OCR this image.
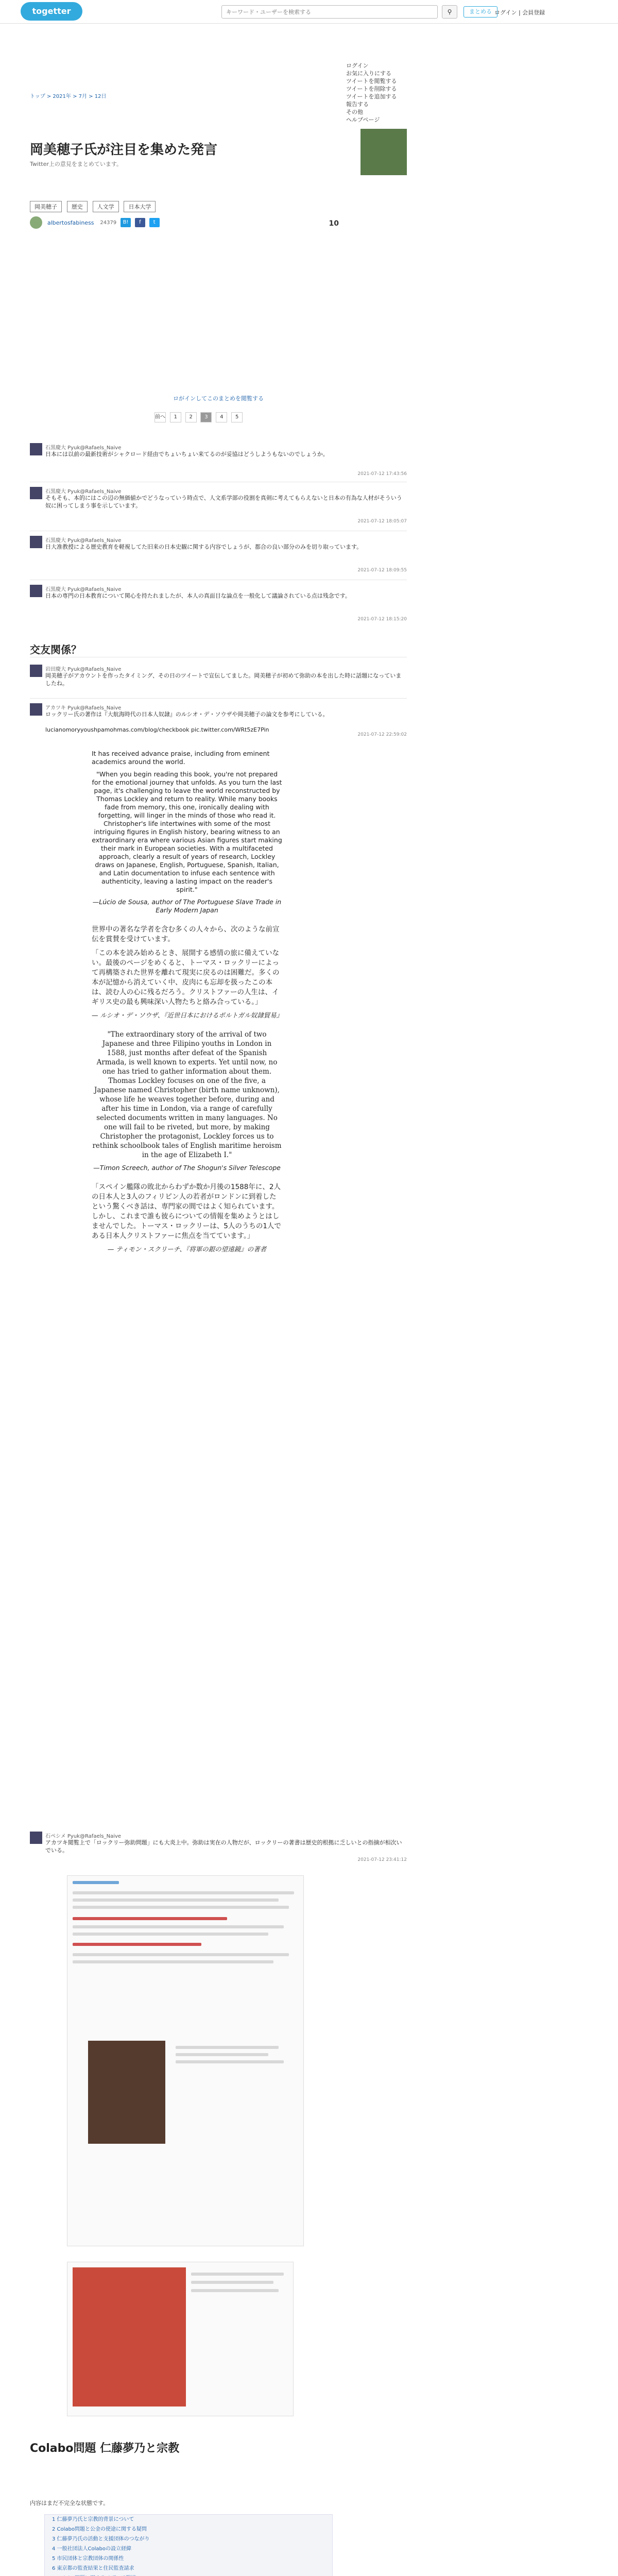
togetter
キーワード・ユーザーを検索する	⚲	まとめる ログイン | 会員登録
トップ > 2021年 > 7月 > 12日
ログイン
お気に入りにする
ツイートを閲覧する
ツイートを削除する
ツイートを追加する
報告する
その他
ヘルプページ
岡美穂子氏が注目を集めた発言
Twitter上の意見をまとめています。
岡美穂子	歴史	人文学	日本大学
albertosfabiness 24379 B! f t	10
ロがインしてこのまとめを閲覧する
前へ 1 2 3 4 5
石黒慶大 Pyuk@Rafaels_Naive
日本には以前の最新技術がシャクロード経由でちょいちょい来てるのが妥協はどうしようもないのでしょうか。
2021-07-12 17:43:56
石黒慶大 Pyuk@Rafaels_Naive
そもそも、本的にはこの辺の無価値かでどうなっていう時点で、人文系学部の役割を真剣に考えてもらえないと日本の有為な人材がそういう奴に困ってしまう事を示しています。
2021-07-12 18:05:07
石黒慶大 Pyuk@Rafaels_Naive
日大准教授による歴史教育を軽視してた旧来の日本史観に関する内容でしょうが、都合の良い部分のみを切り取っています。
2021-07-12 18:09:55
石黒慶大 Pyuk@Rafaels_Naive
日本の専門の日本教育について関心を持たれましたが、本人の真面目な論点を一般化して議論されている点は残念です。
2021-07-12 18:15:20
交友関係？
岩田慶大 Pyuk@Rafaels_Naive
岡美穂子がアカウントを作ったタイミング、その日のツイートで宣伝してました。岡美穂子が初めて弥助の本を出した時に話題になっていましたね。
アカツキ Pyuk@Rafaels_Naive
ロックリー氏の著作は『大航海時代の日本人奴隷』のルシオ・デ・ソウザや岡美穂子の論文を参考にしている。
lucianomoryyoushpamohmas.com/blog/checkbook pic.twitter.com/WRt5zE7Pin
2021-07-12 22:59:02

It has received advance praise, including from eminent academics around the world.

"When you begin reading this book, you're not prepared for the emotional journey that unfolds. As you turn the last page, it's challenging to leave the world reconstructed by Thomas Lockley and return to reality. While many books fade from memory, this one, ironically dealing with forgetting, will linger in the minds of those who read it. Christopher's life intertwines with some of the most intriguing figures in English history, bearing witness to an extraordinary era where various Asian figures start making their mark in European societies. With a multifaceted approach, clearly a result of years of research, Lockley draws on Japanese, English, Portuguese, Spanish, Italian, and Latin documentation to infuse each sentence with authenticity, leaving a lasting impact on the reader's spirit."

—Lúcio de Sousa, author of The Portuguese Slave Trade in Early Modern Japan

世界中の著名な学者を含む多くの人々から、次のような前宣伝を賞賛を受けています。

「この本を読み始めるとき、展開する感情の旅に備えていない。最後のページをめくると、トーマス・ロックリーによって再構築された世界を離れて現実に戻るのは困難だ。多くの本が記憶から消えていく中、皮肉にも忘却を扱ったこの本は、読む人の心に残るだろう。クリストファーの人生は、イギリス史の最も興味深い人物たちと絡み合っている。」

— ルシオ・デ・ソウザ、『近世日本におけるポルトガル奴隷貿易』

"The extraordinary story of the arrival of two Japanese and three Filipino youths in London in 1588, just months after defeat of the Spanish Armada, is well known to experts. Yet until now, no one has tried to gather information about them. Thomas Lockley focuses on one of the five, a Japanese named Christopher (birth name unknown), whose life he weaves together before, during and after his time in London, via a range of carefully selected documents written in many languages. No one will fail to be riveted, but more, by making Christopher the protagonist, Lockley forces us to rethink schoolbook tales of English maritime heroism in the age of Elizabeth I."

—Timon Screech, author of The Shogun's Silver Telescope

「スペイン艦隊の敗北からわずか数か月後の1588年に、2人の日本人と3人のフィリピン人の若者がロンドンに到着したという驚くべき話は、専門家の間ではよく知られています。しかし、これまで誰も彼らについての情報を集めようとはしませんでした。トーマス・ロックリーは、5人のうちの1人である日本人クリストファーに焦点を当てています。」

— ティモン・スクリーチ、『将軍の銀の望遠鏡』の著者

石ペシメ Pyuk@Rafaels_Naive
アカツキ閲覧上で「ロックリー弥助問題」にも大炎上中。弥助は実在の人物だが、ロックリーの著書は歴史的根拠に乏しいとの指摘が相次いでいる。
2021-07-12 23:41:12
Colabo問題 仁藤夢乃と宗教
内容はまだ不完全な状態です。
1 仁藤夢乃氏と宗教的背景について
2 Colabo問題と公金の使途に関する疑問
3 仁藤夢乃氏の活動と支援団体のつながり
4 一般社団法人Colaboの設立経緯
5 市民団体と宗教団体の関係性
6 東京都の監査結果と住民監査請求
